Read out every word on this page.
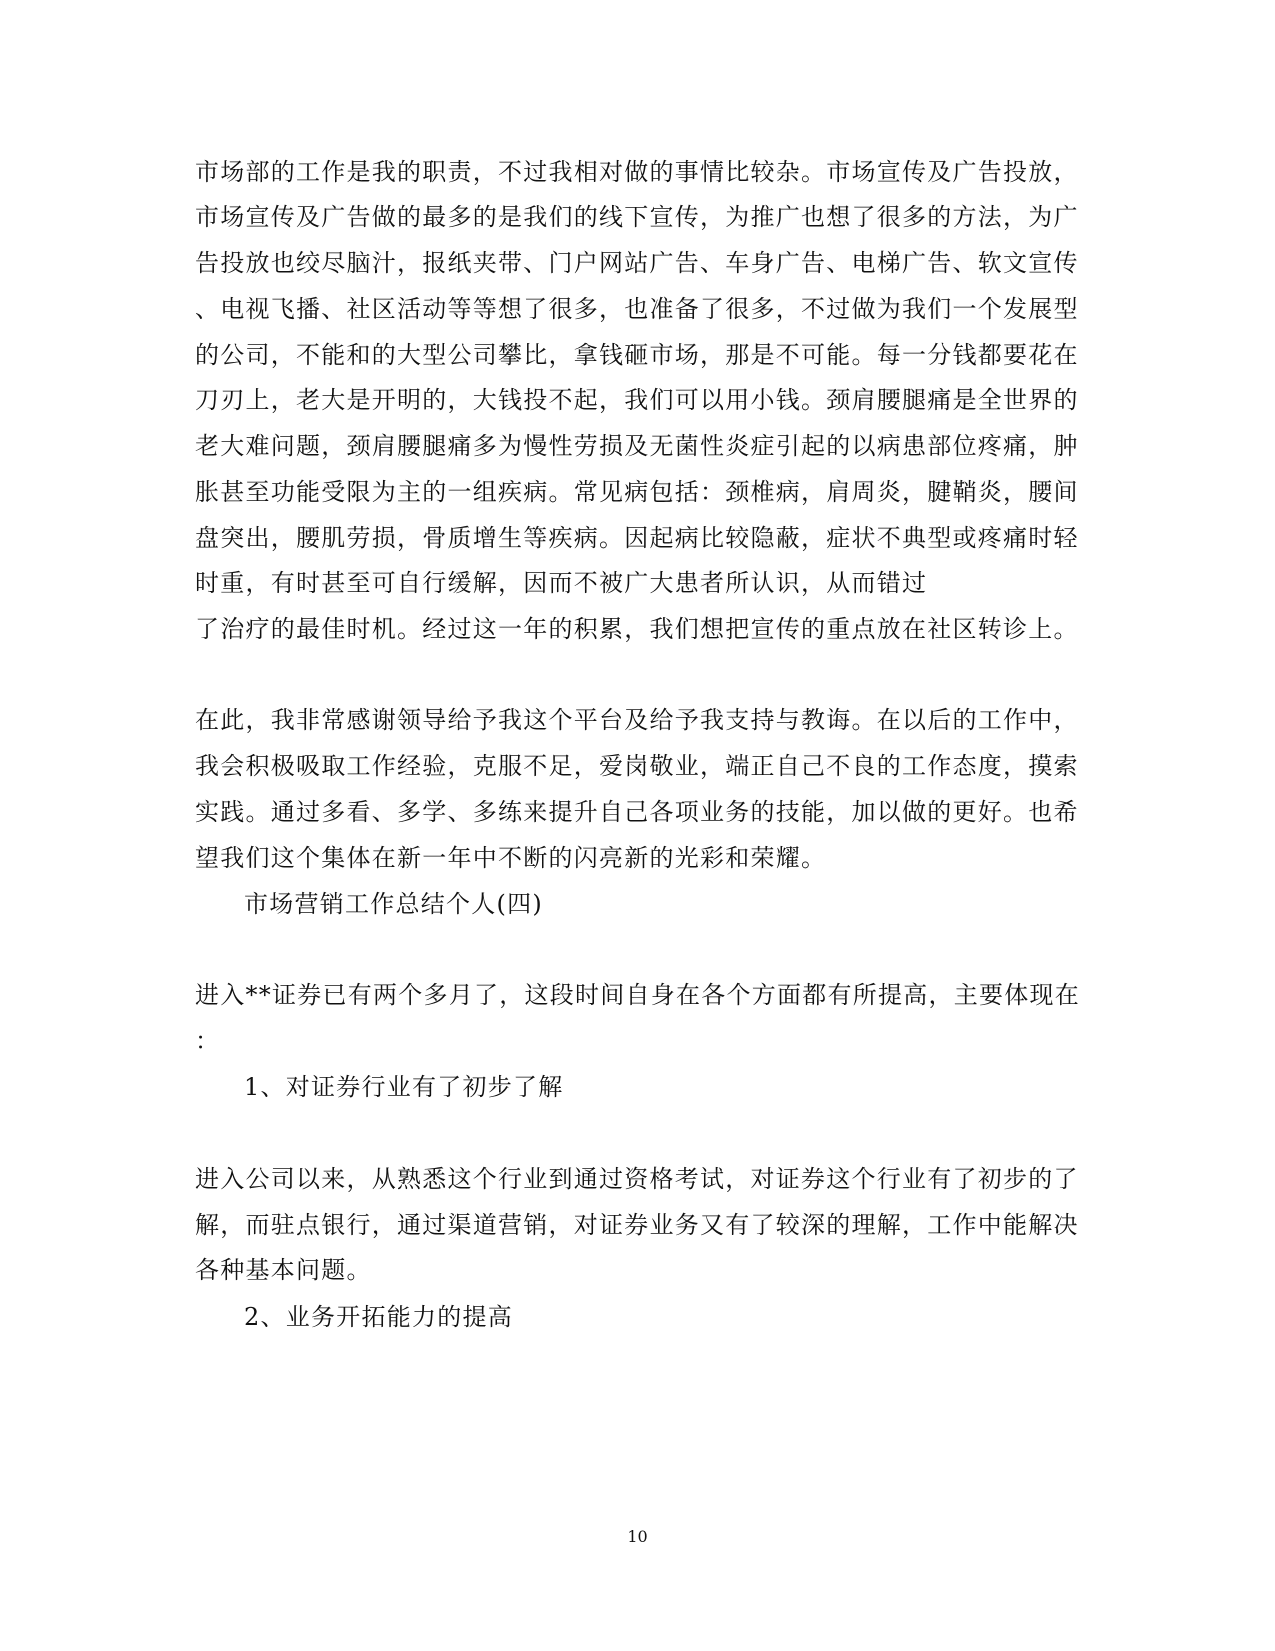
市场部的工作是我的职责，不过我相对做的事情比较杂。市场宣传及广告投放，
市场宣传及广告做的最多的是我们的线下宣传，为推广也想了很多的方法，为广
告投放也绞尽脑汁，报纸夹带、门户网站广告、车身广告、电梯广告、软文宣传
、电视飞播、社区活动等等想了很多，也准备了很多，不过做为我们一个发展型
的公司，不能和的大型公司攀比，拿钱砸市场，那是不可能。每一分钱都要花在
刀刃上，老大是开明的，大钱投不起，我们可以用小钱。颈肩腰腿痛是全世界的
老大难问题，颈肩腰腿痛多为慢性劳损及无菌性炎症引起的以病患部位疼痛，肿
胀甚至功能受限为主的一组疾病。常见病包括：颈椎病，肩周炎，腱鞘炎，腰间
盘突出，腰肌劳损，骨质增生等疾病。因起病比较隐蔽，症状不典型或疼痛时轻
时重，有时甚至可自行缓解，因而不被广大患者所认识，从而错过
了治疗的最佳时机。经过这一年的积累，我们想把宣传的重点放在社区转诊上。
在此，我非常感谢领导给予我这个平台及给予我支持与教诲。在以后的工作中，
我会积极吸取工作经验，克服不足，爱岗敬业，端正自己不良的工作态度，摸索
实践。通过多看、多学、多练来提升自己各项业务的技能，加以做的更好。也希
望我们这个集体在新一年中不断的闪亮新的光彩和荣耀。
市场营销工作总结个人(四)
进入**证券已有两个多月了，这段时间自身在各个方面都有所提高，主要体现在
：
1、对证券行业有了初步了解
进入公司以来，从熟悉这个行业到通过资格考试，对证券这个行业有了初步的了
解，而驻点银行，通过渠道营销，对证券业务又有了较深的理解，工作中能解决
各种基本问题。
2、业务开拓能力的提高
10
